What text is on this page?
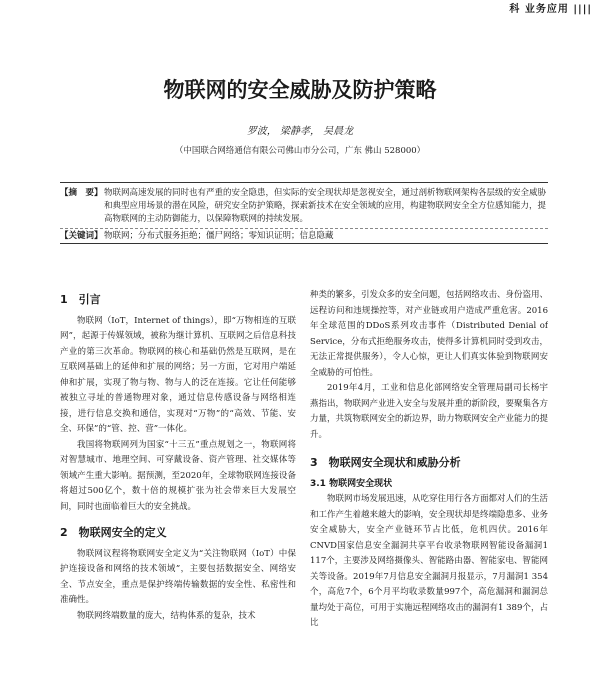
科 业务应用 ||||
物联网的安全威胁及防护策略
罗波， 梁静孝， 吴晨龙
（中国联合网络通信有限公司佛山市分公司，广东 佛山 528000）
【摘　要】 物联网高速发展的同时也有严重的安全隐患，但实际的安全现状却是忽视安全，通过剖析物联网架构各层级的安全威胁和典型应用场景的潜在风险，研究安全防护策略，探索新技术在安全领域的应用，构建物联网安全全方位感知能力，提高物联网的主动防御能力，以保障物联网的持续发展。
【关键词】 物联网；分布式服务拒绝；僵尸网络；零知识证明；信息隐藏
1　引言

物联网（IoT，Internet of things），即“万物相连的互联网”，起源于传媒领域，被称为继计算机、互联网之后信息科技产业的第三次革命。物联网的核心和基础仍然是互联网，是在互联网基础上的延伸和扩展的网络；另一方面，它对用户端延伸和扩展，实现了物与物、物与人的泛在连接。它让任何能够被独立寻址的普通物理对象，通过信息传感设备与网络相连接，进行信息交换和通信，实现对“万物”的“高效、节能、安全、环保”的“管、控、营”一体化。

我国将物联网列为国家“十三五”重点规划之一，物联网将对智慧城市、地理空间、可穿戴设备、资产管理、社交媒体等领域产生重大影响。据预测，至2020年，全球物联网连接设备将超过500亿个，数十倍的规模扩张为社会带来巨大发展空间，同时也面临着巨大的安全挑战。

2　物联网安全的定义

物联网议程将物联网安全定义为“关注物联网（IoT）中保护连接设备和网络的技术领域”，主要包括数据安全、网络安全、节点安全，重点是保护终端传输数据的安全性、私密性和准确性。

物联网终端数量的庞大，结构体系的复杂，技术

种类的繁多，引发众多的安全问题，包括网络攻击、身份盗用、远程访问和违规操控等，对产业链或用户造成严重危害。2016年全球范围的DDoS系列攻击事件（Distributed Denial of Service，分布式拒绝服务攻击，使得多计算机同时受到攻击，无法正常提供服务），令人心惊，更让人们真实体验到物联网安全威胁的可怕性。

2019年4月，工业和信息化部网络安全管理局副司长杨宇燕指出，物联网产业进入安全与发展并重的新阶段，要聚集各方力量，共筑物联网安全的新边界，助力物联网安全产业能力的提升。

3　物联网安全现状和威胁分析
3.1 物联网安全现状

物联网市场发展迅速，从吃穿住用行各方面都对人们的生活和工作产生着越来越大的影响，安全现状却是终端隐患多、业务安全威胁大，安全产业链环节占比低，危机四伏。2016年CNVD国家信息安全漏洞共享平台收录物联网智能设备漏洞1 117个，主要涉及网络摄像头、智能路由器、智能家电、智能网关等设备。2019年7月信息安全漏洞月报显示，7月漏洞1 354个，高危7个，6个月平均收录数量997个，高危漏洞和漏洞总量均处于高位，可用于实施远程网络攻击的漏洞有1 389个，占比
